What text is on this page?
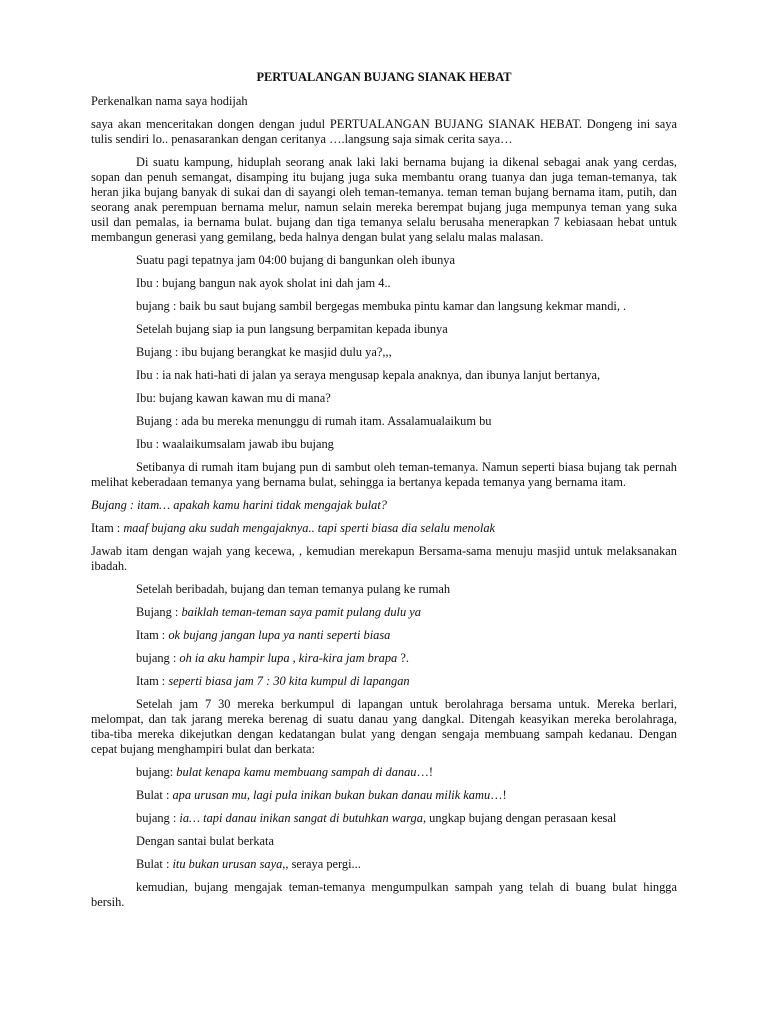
PERTUALANGAN BUJANG SIANAK HEBAT

Perkenalkan nama saya hodijah

saya akan menceritakan dongen dengan judul PERTUALANGAN BUJANG SIANAK HEBAT. Dongeng ini saya tulis sendiri lo.. penasarankan dengan ceritanya ….langsung saja simak cerita saya…

Di suatu kampung, hiduplah seorang anak laki laki bernama bujang ia dikenal sebagai anak yang cerdas, sopan dan penuh semangat, disamping itu bujang juga suka membantu orang tuanya dan juga teman-temanya, tak heran jika bujang banyak di sukai dan di sayangi oleh teman-temanya. teman teman bujang bernama itam, putih, dan seorang anak perempuan bernama melur, namun selain mereka berempat bujang juga mempunya teman yang suka usil dan pemalas, ia bernama bulat. bujang dan tiga temanya selalu berusaha menerapkan 7 kebiasaan hebat untuk membangun generasi yang gemilang, beda halnya dengan bulat yang selalu malas malasan.

Suatu pagi tepatnya jam 04:00 bujang di bangunkan oleh ibunya

Ibu : bujang bangun nak ayok sholat ini dah jam 4..

bujang : baik bu saut bujang sambil bergegas membuka pintu kamar dan langsung kekmar mandi, .

Setelah bujang siap ia pun langsung berpamitan kepada ibunya

Bujang : ibu bujang berangkat ke masjid dulu ya?,,,

Ibu : ia nak hati-hati di jalan ya seraya mengusap kepala anaknya, dan ibunya lanjut bertanya,

Ibu: bujang kawan kawan mu di mana?

Bujang : ada bu mereka menunggu di rumah itam. Assalamualaikum bu

Ibu : waalaikumsalam jawab ibu bujang

Setibanya di rumah itam bujang pun di sambut oleh teman-temanya. Namun seperti biasa bujang tak pernah melihat keberadaan temanya yang bernama bulat, sehingga ia bertanya kepada temanya yang bernama itam.

Bujang : itam… apakah kamu harini tidak mengajak bulat?

Itam : maaf bujang aku sudah mengajaknya.. tapi sperti biasa dia selalu menolak

Jawab itam dengan wajah yang kecewa, , kemudian merekapun Bersama-sama menuju masjid untuk melaksanakan ibadah.

Setelah beribadah, bujang dan teman temanya pulang ke rumah

Bujang : baiklah teman-teman saya pamit pulang dulu ya

Itam : ok bujang jangan lupa ya nanti seperti biasa

bujang : oh ia aku hampir lupa , kira-kira jam brapa ?.

Itam : seperti biasa jam 7 : 30 kita kumpul di lapangan

Setelah jam 7 30 mereka berkumpul di lapangan untuk berolahraga bersama untuk. Mereka berlari, melompat, dan tak jarang mereka berenag di suatu danau yang dangkal. Ditengah keasyikan mereka berolahraga, tiba-tiba mereka dikejutkan dengan kedatangan bulat yang dengan sengaja membuang sampah kedanau. Dengan cepat bujang menghampiri bulat dan berkata:

bujang: bulat kenapa kamu membuang sampah di danau…!

Bulat : apa urusan mu, lagi pula inikan bukan bukan danau milik kamu…!

bujang : ia… tapi danau inikan sangat di butuhkan warga, ungkap bujang dengan perasaan kesal

Dengan santai bulat berkata

Bulat : itu bukan urusan saya,, seraya pergi...

kemudian, bujang mengajak teman-temanya mengumpulkan sampah yang telah di buang bulat hingga bersih.
